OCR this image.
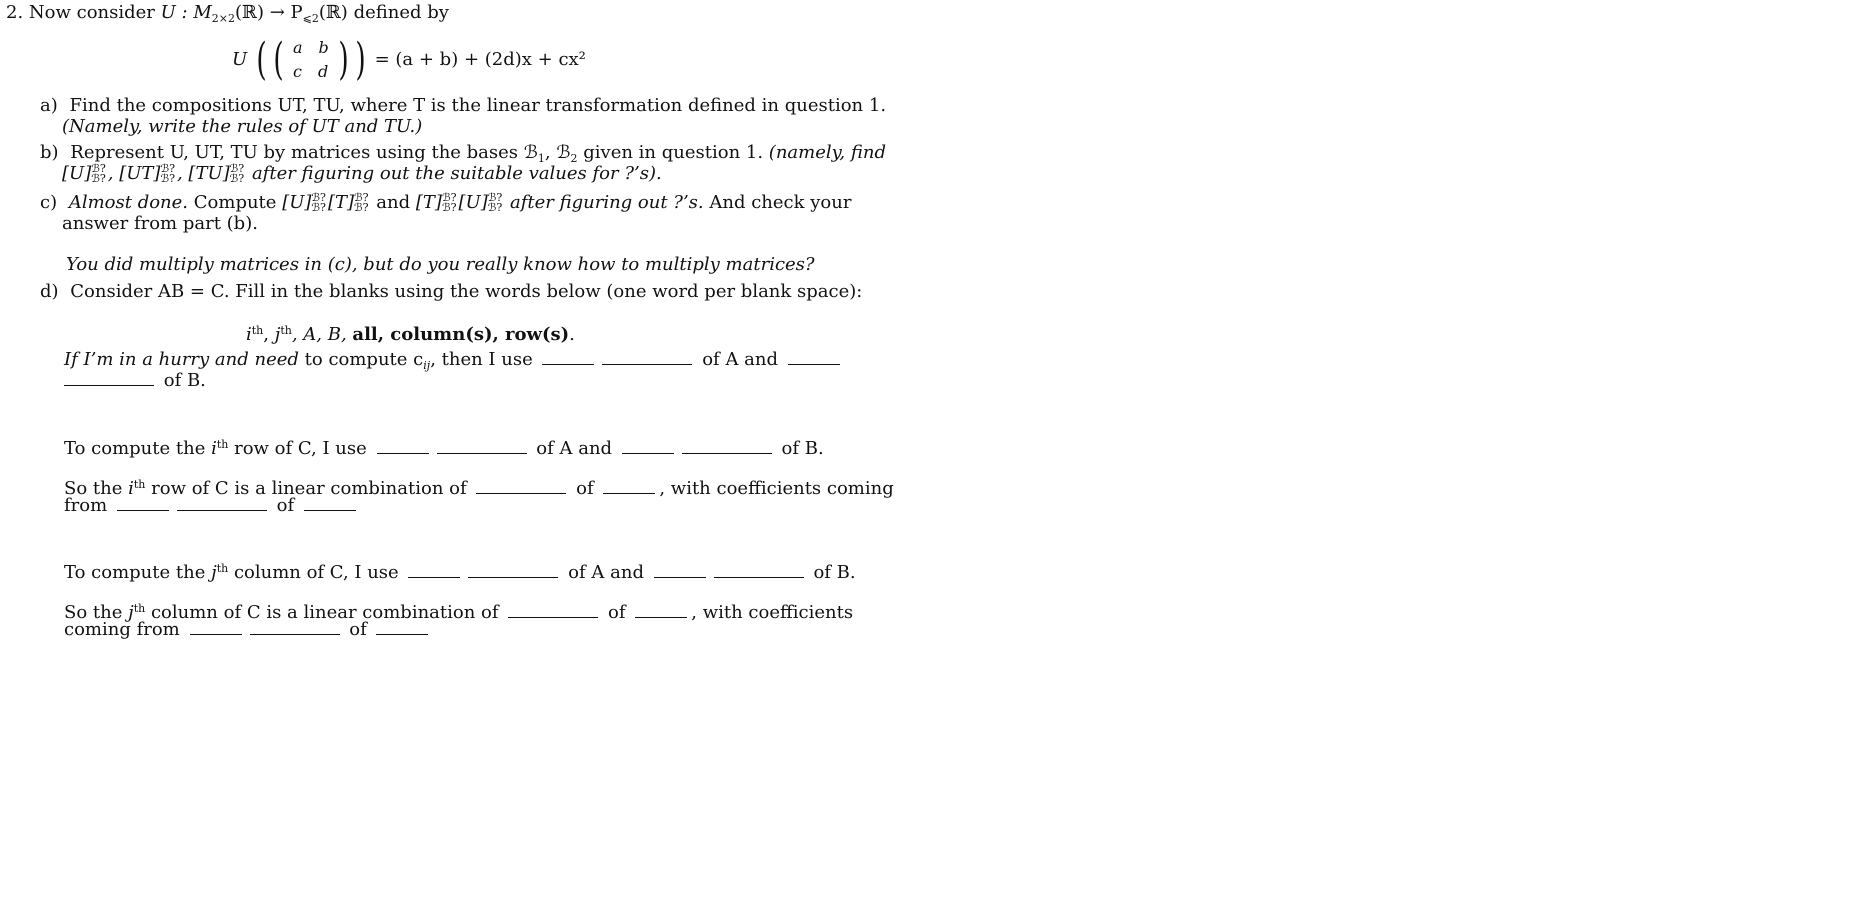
2. Now consider U : $M_{2\times 2}(ℝ)$ → $P_{⩽2}(ℝ)$ defined by
U ( ( a b
c d ) ) = (a + b) + (2d)x + cx²
a) Find the compositions UT, TU, where T is the linear transformation defined in question 1.
(Namely, write the rules of UT and TU.)
b) Represent U, UT, TU by matrices using the bases ℬ$_1$, ℬ$_2$ given in question 1. (namely, find
[U] ℬ?
ℬ? , [UT] ℬ?
ℬ? , [TU] ℬ?
ℬ? after figuring out the suitable values for ?’s).
c) Almost done. Compute [U] ℬ?
ℬ? [T] ℬ?
ℬ? and [T] ℬ?
ℬ? [U] ℬ?
ℬ? after figuring out ?’s. And check your
answer from part (b).
You did multiply matrices in (c), but do you really know how to multiply matrices?
d) Consider AB = C. Fill in the blanks using the words below (one word per blank space):
$i^{th}$, $j^{th}$, A, B, all, column(s), row(s).
If I’m in a hurry and need to compute $c_{ij}$, then I use	of A and
of B.
To compute the $i^{th}$ row of C, I use	of A and	of B.
So the $i^{th}$ row of C is a linear combination of	of	, with coefficients coming
from	of
To compute the $j^{th}$ column of C, I use	of A and	of B.
So the $j^{th}$ column of C is a linear combination of	of	, with coefficients
coming from	of
